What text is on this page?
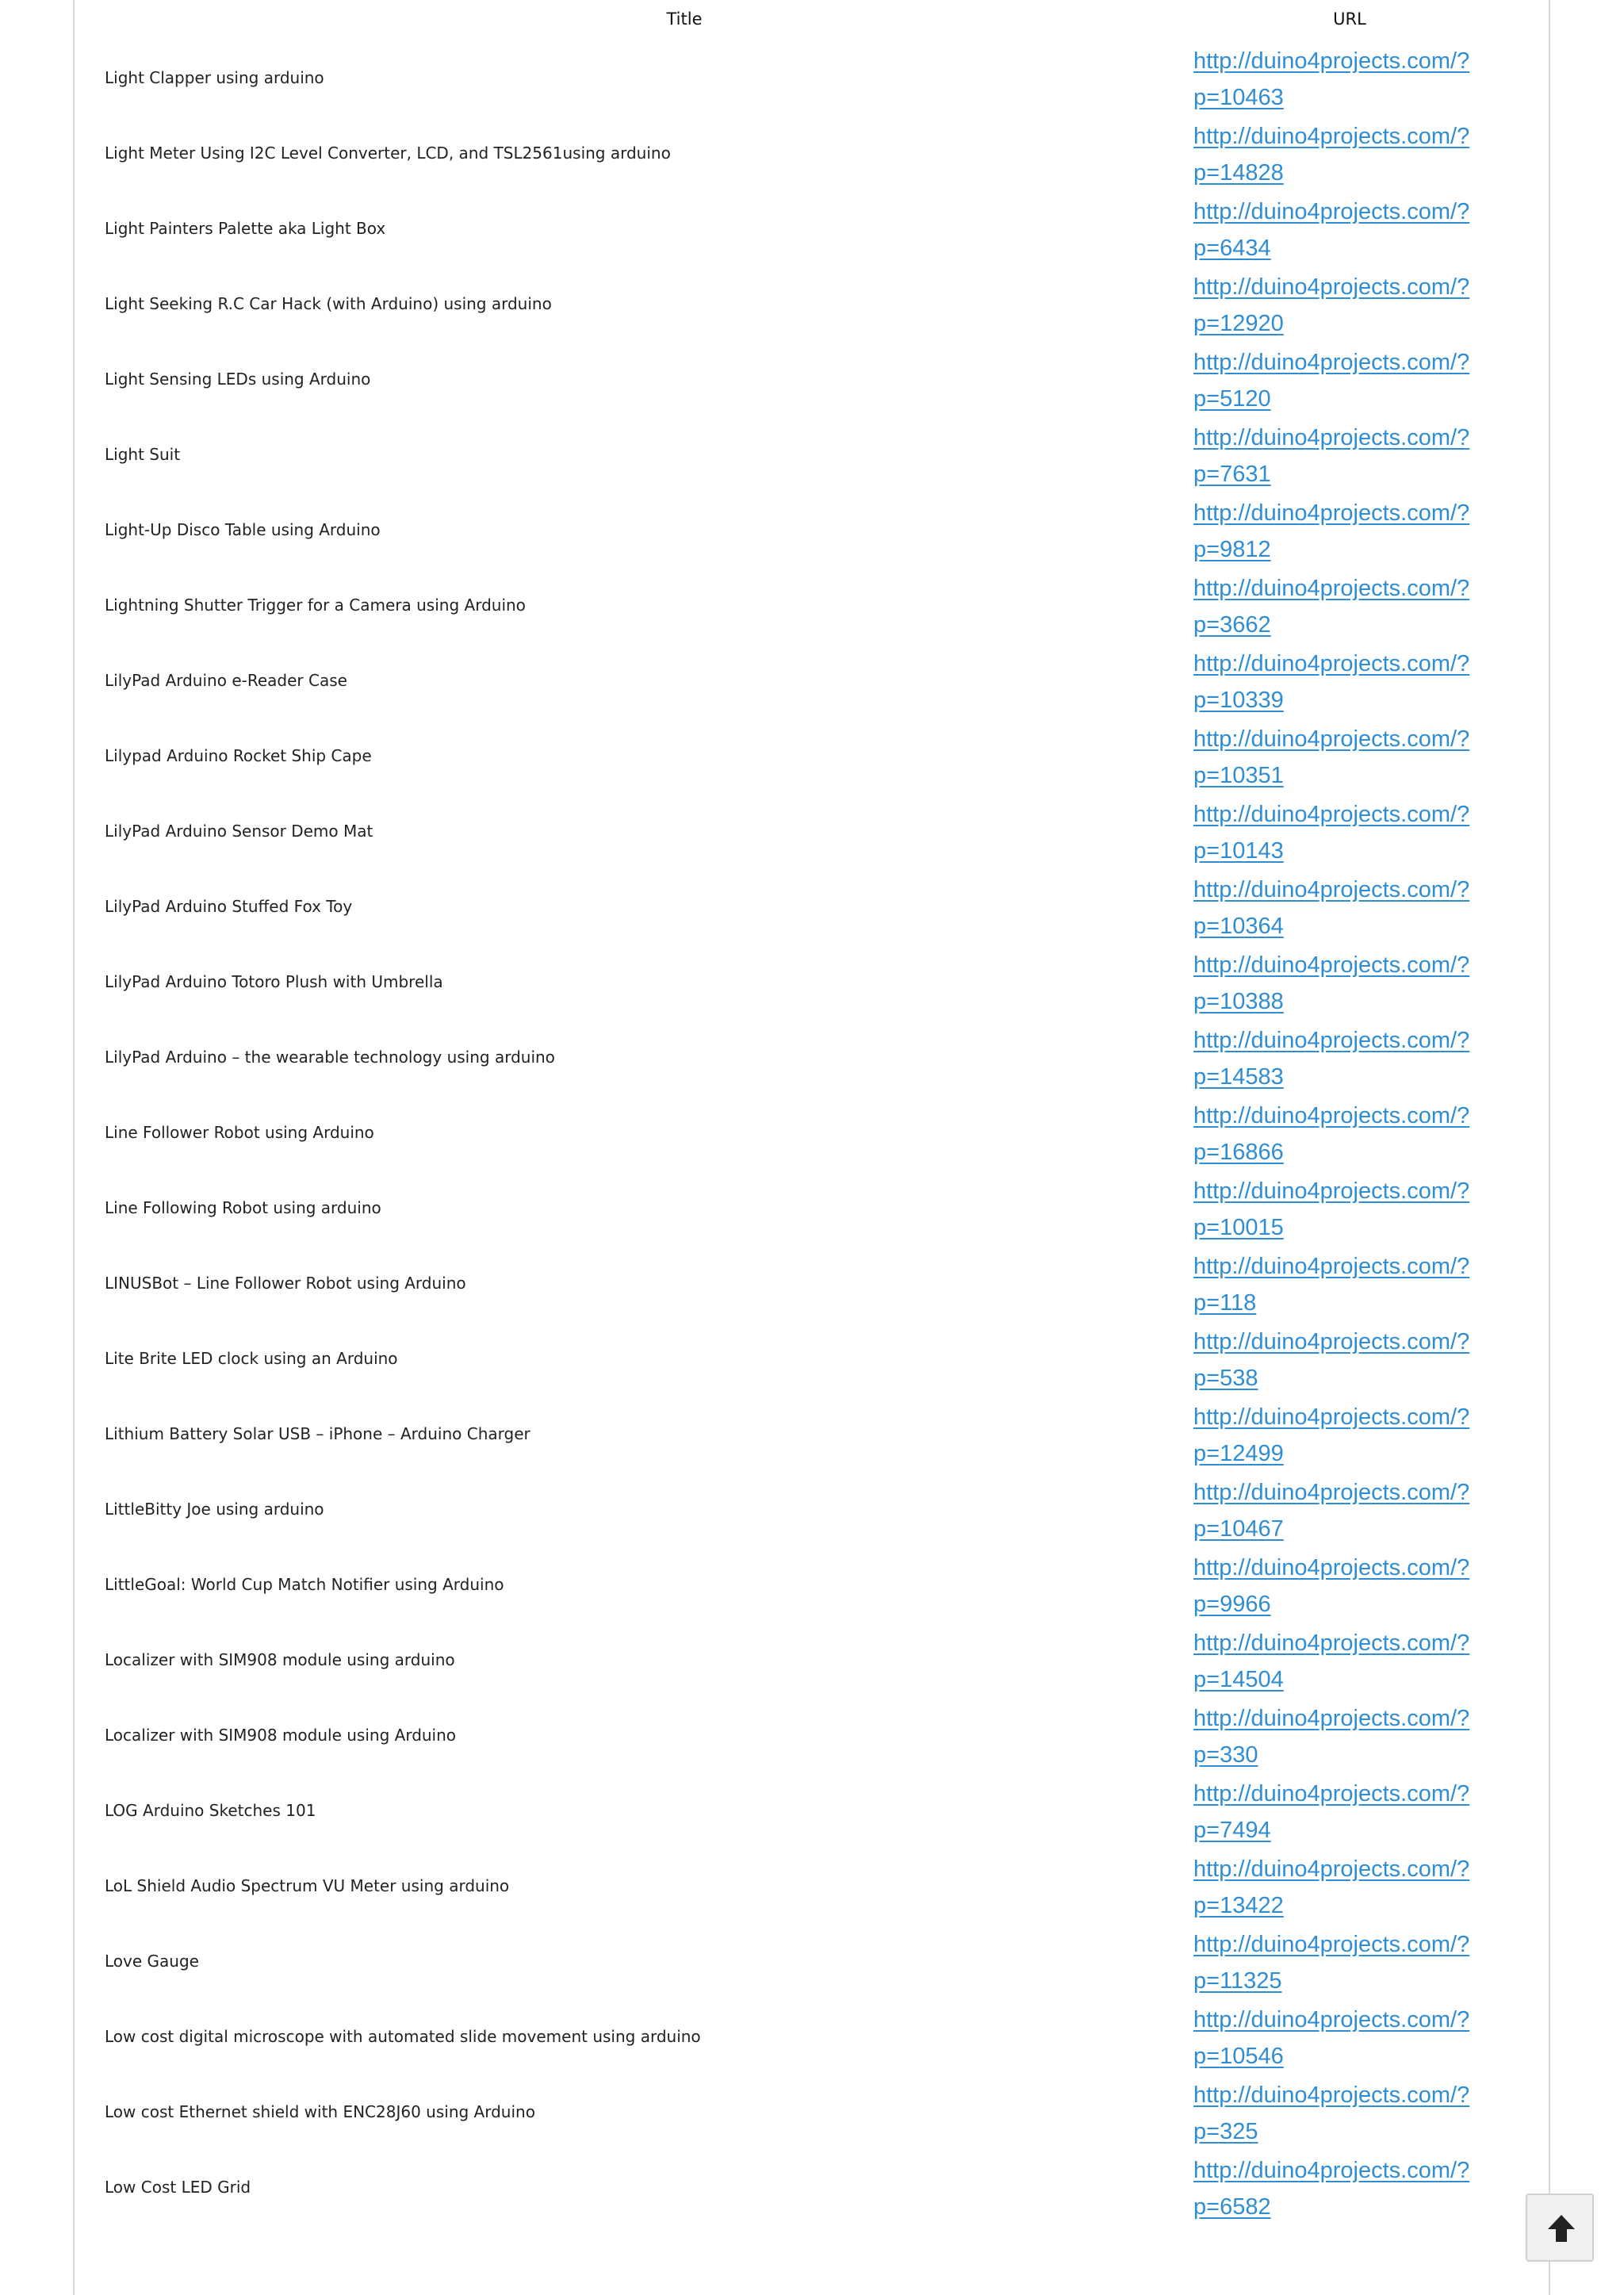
Title	URL
Light Clapper using arduino
http://duino4projects.com/?
p=10463
Light Meter Using I2C Level Converter, LCD, and TSL2561using arduino
http://duino4projects.com/?
p=14828
Light Painters Palette aka Light Box
http://duino4projects.com/?
p=6434
Light Seeking R.C Car Hack (with Arduino) using arduino
http://duino4projects.com/?
p=12920
Light Sensing LEDs using Arduino
http://duino4projects.com/?
p=5120
Light Suit
http://duino4projects.com/?
p=7631
Light-Up Disco Table using Arduino
http://duino4projects.com/?
p=9812
Lightning Shutter Trigger for a Camera using Arduino
http://duino4projects.com/?
p=3662
LilyPad Arduino e-Reader Case
http://duino4projects.com/?
p=10339
Lilypad Arduino Rocket Ship Cape
http://duino4projects.com/?
p=10351
LilyPad Arduino Sensor Demo Mat
http://duino4projects.com/?
p=10143
LilyPad Arduino Stuffed Fox Toy
http://duino4projects.com/?
p=10364
LilyPad Arduino Totoro Plush with Umbrella
http://duino4projects.com/?
p=10388
LilyPad Arduino – the wearable technology using arduino
http://duino4projects.com/?
p=14583
Line Follower Robot using Arduino
http://duino4projects.com/?
p=16866
Line Following Robot using arduino
http://duino4projects.com/?
p=10015
LINUSBot – Line Follower Robot using Arduino
http://duino4projects.com/?
p=118
Lite Brite LED clock using an Arduino
http://duino4projects.com/?
p=538
Lithium Battery Solar USB – iPhone – Arduino Charger
http://duino4projects.com/?
p=12499
LittleBitty Joe using arduino
http://duino4projects.com/?
p=10467
LittleGoal: World Cup Match Notifier using Arduino
http://duino4projects.com/?
p=9966
Localizer with SIM908 module using arduino
http://duino4projects.com/?
p=14504
Localizer with SIM908 module using Arduino
http://duino4projects.com/?
p=330
LOG Arduino Sketches 101
http://duino4projects.com/?
p=7494
LoL Shield Audio Spectrum VU Meter using arduino
http://duino4projects.com/?
p=13422
Love Gauge
http://duino4projects.com/?
p=11325
Low cost digital microscope with automated slide movement using arduino
http://duino4projects.com/?
p=10546
Low cost Ethernet shield with ENC28J60 using Arduino
http://duino4projects.com/?
p=325
Low Cost LED Grid
http://duino4projects.com/?
p=6582
